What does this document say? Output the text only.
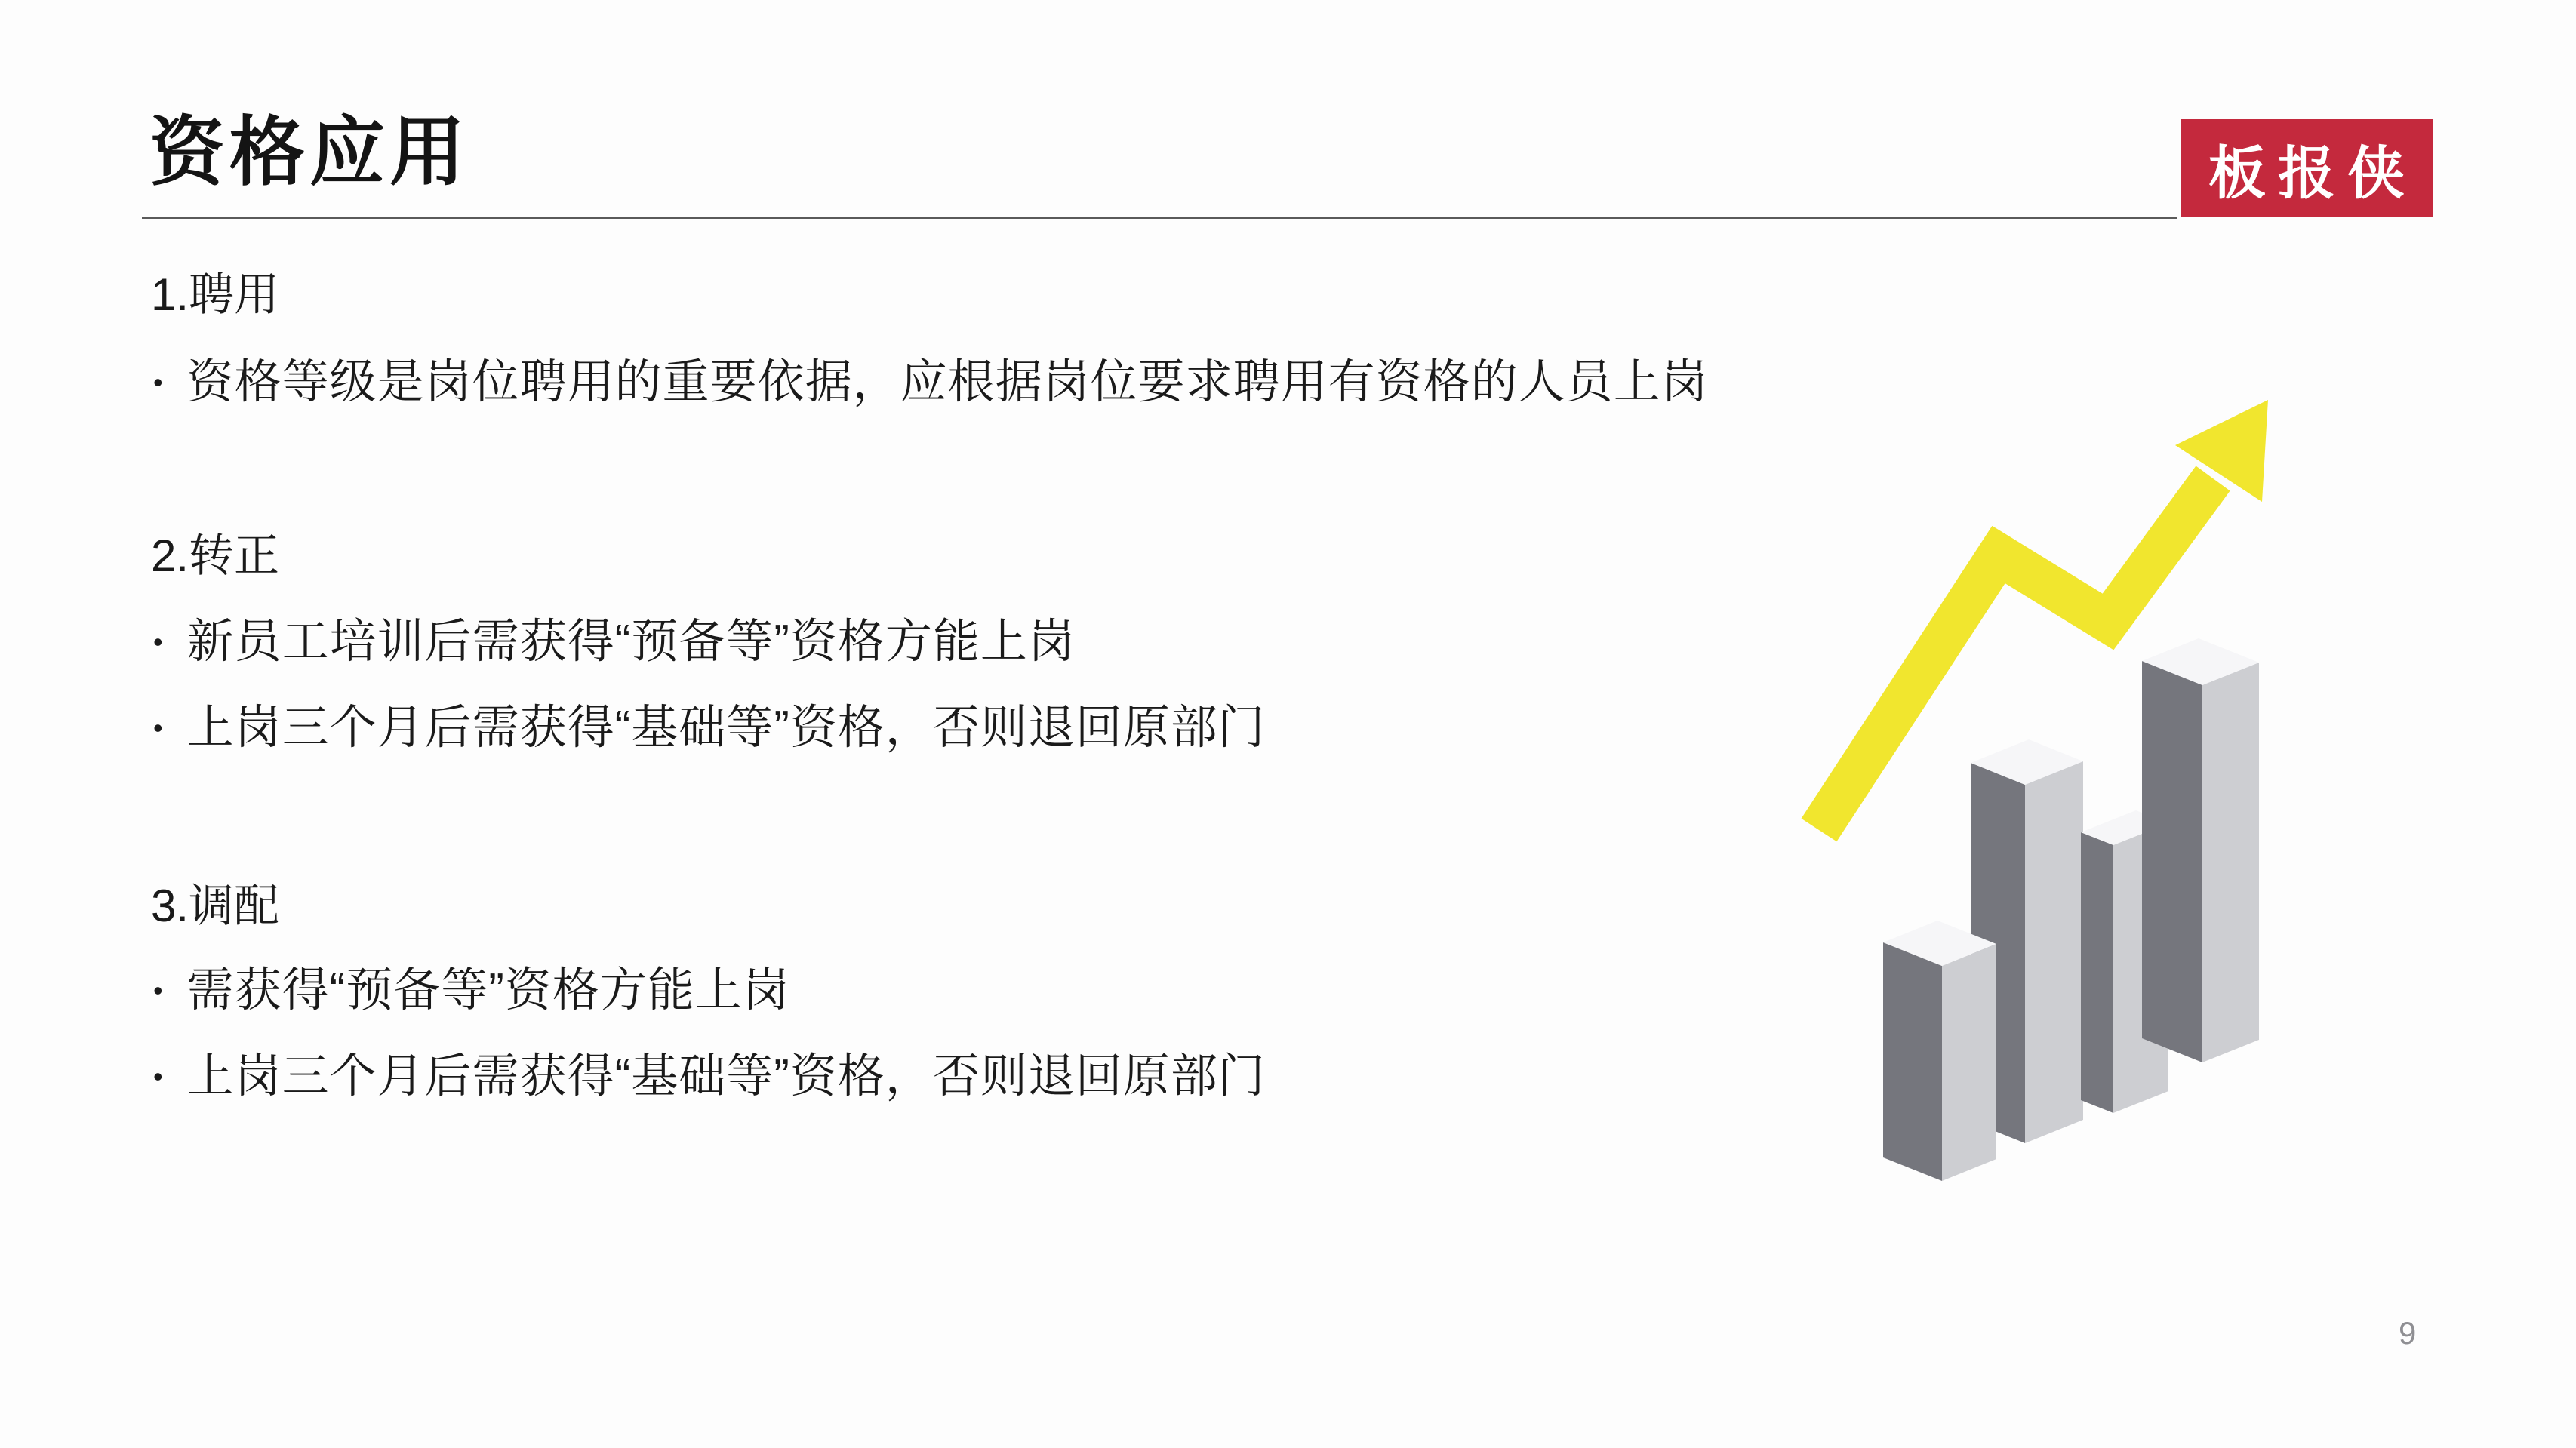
资格应用	板报侠
1.聘用
• 资格等级是岗位聘用的重要依据，应根据岗位要求聘用有资格的人员上岗
2.转正
• 新员工培训后需获得“预备等”资格方能上岗
• 上岗三个月后需获得“基础等”资格，否则退回原部门
3.调配
• 需获得“预备等”资格方能上岗
• 上岗三个月后需获得“基础等”资格，否则退回原部门
9
